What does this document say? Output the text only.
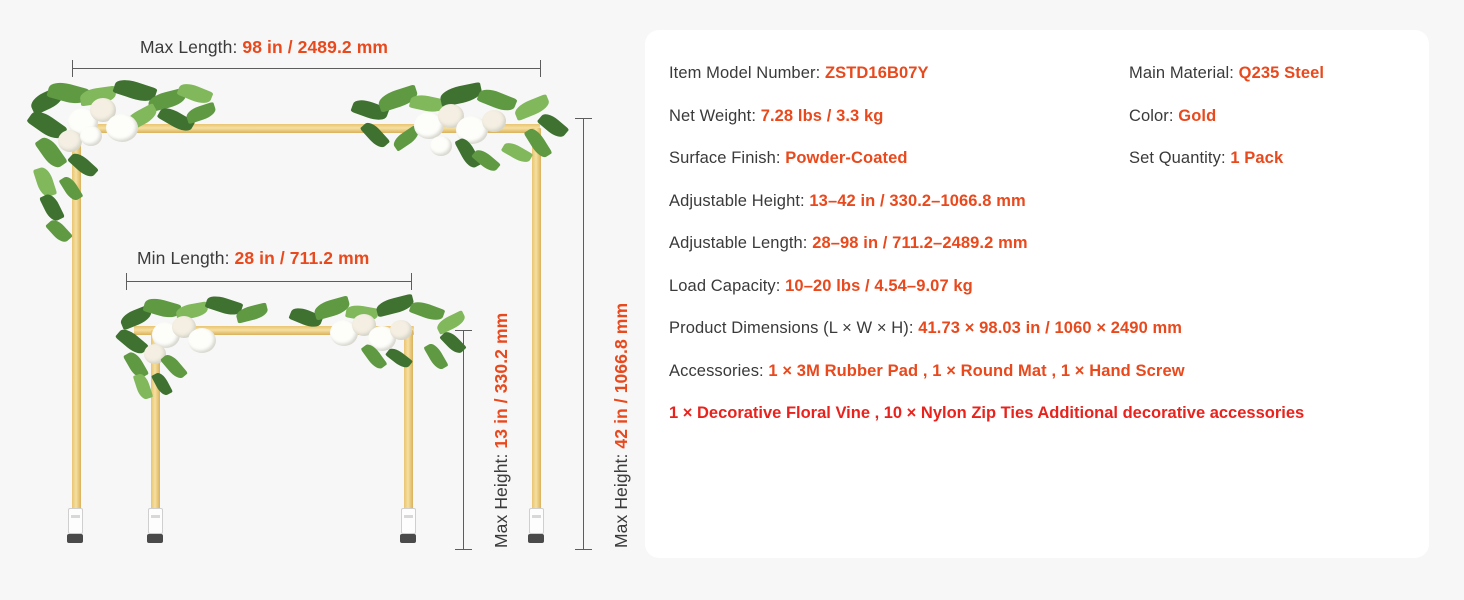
Max Length: 98 in / 2489.2 mm
Min Length: 28 in / 711.2 mm
Max Height: 42 in / 1066.8 mm
Max Height: 13 in / 330.2 mm
Item Model Number: ZSTD16B07Y
Net Weight: 7.28 lbs / 3.3 kg
Surface Finish: Powder-Coated
Main Material: Q235 Steel
Color: Gold
Set Quantity: 1 Pack
Adjustable Height: 13–42 in / 330.2–1066.8 mm
Adjustable Length: 28–98 in / 711.2–2489.2 mm
Load Capacity: 10–20 lbs / 4.54–9.07 kg
Product Dimensions (L × W × H): 41.73 × 98.03 in / 1060 × 2490 mm
Accessories: 1 × 3M Rubber Pad , 1 × Round Mat , 1 × Hand Screw
1 × Decorative Floral Vine , 10 × Nylon Zip Ties Additional decorative accessories
